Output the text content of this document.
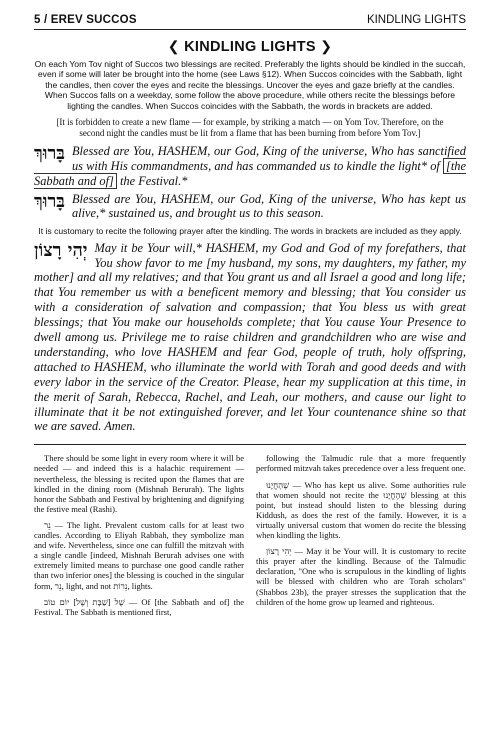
5 / EREV SUCCOS	KINDLING LIGHTS
❮ KINDLING LIGHTS ❯

On each Yom Tov night of Succos two blessings are recited. Preferably the lights should be kindled in the succah, even if some will later be brought into the home (see Laws §12). When Succos coincides with the Sabbath, light the candles, then cover the eyes and recite the blessings. Uncover the eyes and gaze briefly at the candles. When Succos falls on a weekday, some follow the above procedure, while others recite the blessings before lighting the candles. When Succos coincides with the Sabbath, the words in brackets are added.

[It is forbidden to create a new flame — for example, by striking a match — on Yom Tov. Therefore, on the second night the candles must be lit from a flame that has been burning from before Yom Tov.]

בָּרוּךְ Blessed are You, HASHEM, our God, King of the universe, Who has sanctified us with His commandments, and has commanded us to kindle the light* of [the Sabbath and of] the Festival.*

בָּרוּךְ Blessed are You, HASHEM, our God, King of the universe, Who has kept us alive,* sustained us, and brought us to this season.

It is customary to recite the following prayer after the kindling. The words in brackets are included as they apply.

יְהִי רָצוֹן May it be Your will,* HASHEM, my God and God of my forefathers, that You show favor to me [my husband, my sons, my daughters, my father, my mother] and all my relatives; and that You grant us and all Israel a good and long life; that You remember us with a beneficent memory and blessing; that You consider us with a consideration of salvation and compassion; that You bless us with great blessings; that You make our households complete; that You cause Your Presence to dwell among us. Privilege me to raise children and grandchildren who are wise and understanding, who love HASHEM and fear God, people of truth, holy offspring, attached to HASHEM, who illuminate the world with Torah and good deeds and with every labor in the service of the Creator. Please, hear my supplication at this time, in the merit of Sarah, Rebecca, Rachel, and Leah, our mothers, and cause our light to illuminate that it be not extinguished forever, and let Your countenance shine so that we are saved. Amen.

There should be some light in every room where it will be needed — and indeed this is a halachic requirement — nevertheless, the blessing is recited upon the flames that are kindled in the dining room (Mishnah Berurah). The lights honor the Sabbath and Festival by brightening and dignifying the festive meal (Rashi).

נֵר — The light. Prevalent custom calls for at least two candles. According to Eliyah Rabbah, they symbolize man and wife. Nevertheless, since one can fulfill the mitzvah with a single candle [indeed, Mishnah Berurah advises one with extremely limited means to purchase one good candle rather than two inferior ones] the blessing is couched in the singular form, נֵר, light, and not נֵרוֹת, lights.

שֶׁל [שַׁבָּת וְשֶׁל] יוֹם טוֹב — Of [the Sabbath and of] the Festival. The Sabbath is mentioned first,

following the Talmudic rule that a more frequently performed mitzvah takes precedence over a less frequent one.

שֶׁהֶחֱיָנוּ — Who has kept us alive. Some authorities rule that women should not recite the שֶׁהֶחֱיָנוּ blessing at this point, but instead should listen to the blessing during Kiddush, as does the rest of the family. However, it is a virtually universal custom that women do recite the blessing when kindling the lights.

יְהִי רָצוֹן — May it be Your will. It is customary to recite this prayer after the kindling. Because of the Talmudic declaration, "One who is scrupulous in the kindling of lights will be blessed with children who are Torah scholars" (Shabbos 23b), the prayer stresses the supplication that the children of the home grow up learned and righteous.
